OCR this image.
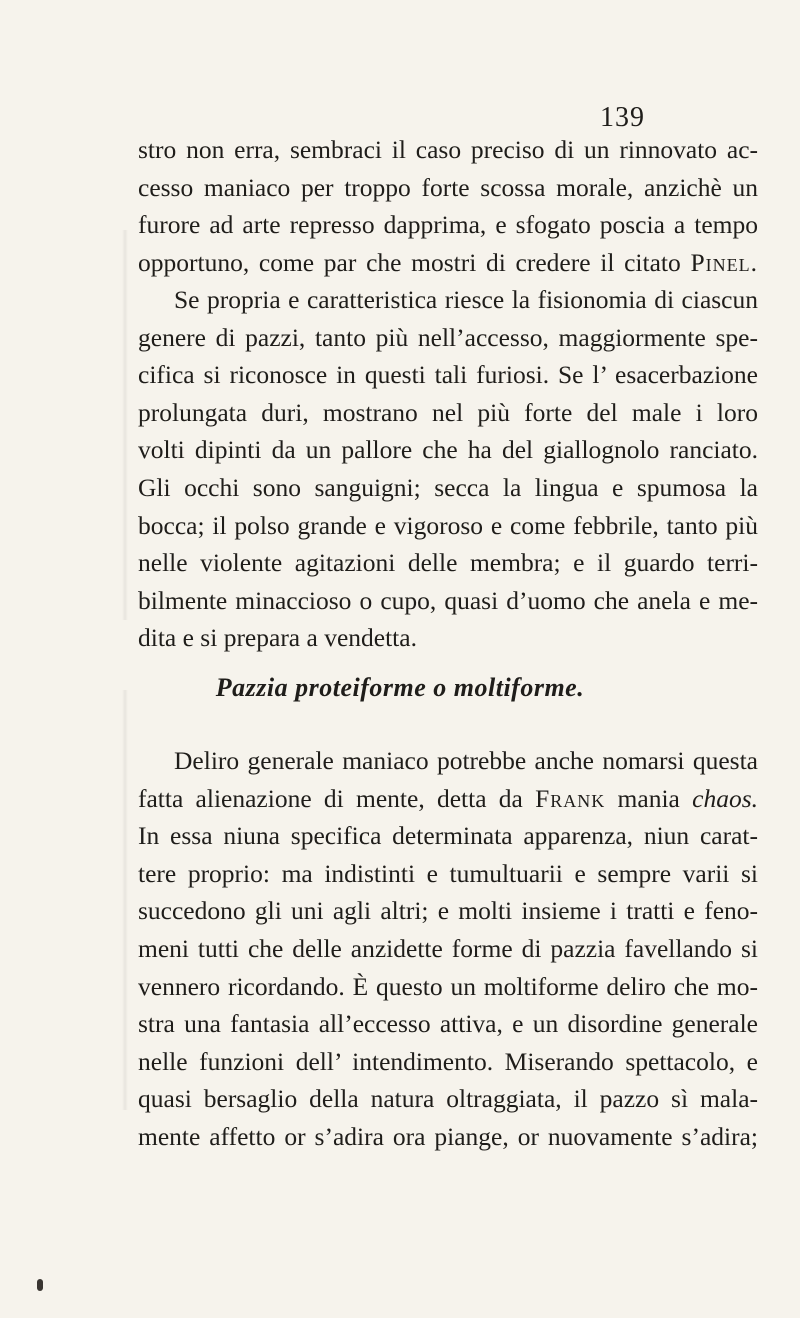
139
stro non erra, sembraci il caso preciso di un rinnovato ac-
cesso maniaco per troppo forte scossa morale, anzichè un
furore ad arte represso dapprima, e sfogato poscia a tempo
opportuno, come par che mostri di credere il citato Pinel.
Se propria e caratteristica riesce la fisionomia di ciascun
genere di pazzi, tanto più nell’accesso, maggiormente spe-
cifica si riconosce in questi tali furiosi. Se l’ esacerbazione
prolungata duri, mostrano nel più forte del male i loro
volti dipinti da un pallore che ha del giallognolo ranciato.
Gli occhi sono sanguigni; secca la lingua e spumosa la
bocca; il polso grande e vigoroso e come febbrile, tanto più
nelle violente agitazioni delle membra; e il guardo terri-
bilmente minaccioso o cupo, quasi d’uomo che anela e me-
dita e si prepara a vendetta.
Pazzia proteiforme o moltiforme.
Deliro generale maniaco potrebbe anche nomarsi questa
fatta alienazione di mente, detta da Frank mania chaos.
In essa niuna specifica determinata apparenza, niun carat-
tere proprio: ma indistinti e tumultuarii e sempre varii si
succedono gli uni agli altri; e molti insieme i tratti e feno-
meni tutti che delle anzidette forme di pazzia favellando si
vennero ricordando. È questo un moltiforme deliro che mo-
stra una fantasia all’eccesso attiva, e un disordine generale
nelle funzioni dell’ intendimento. Miserando spettacolo, e
quasi bersaglio della natura oltraggiata, il pazzo sì mala-
mente affetto or s’adira ora piange, or nuovamente s’adira;
